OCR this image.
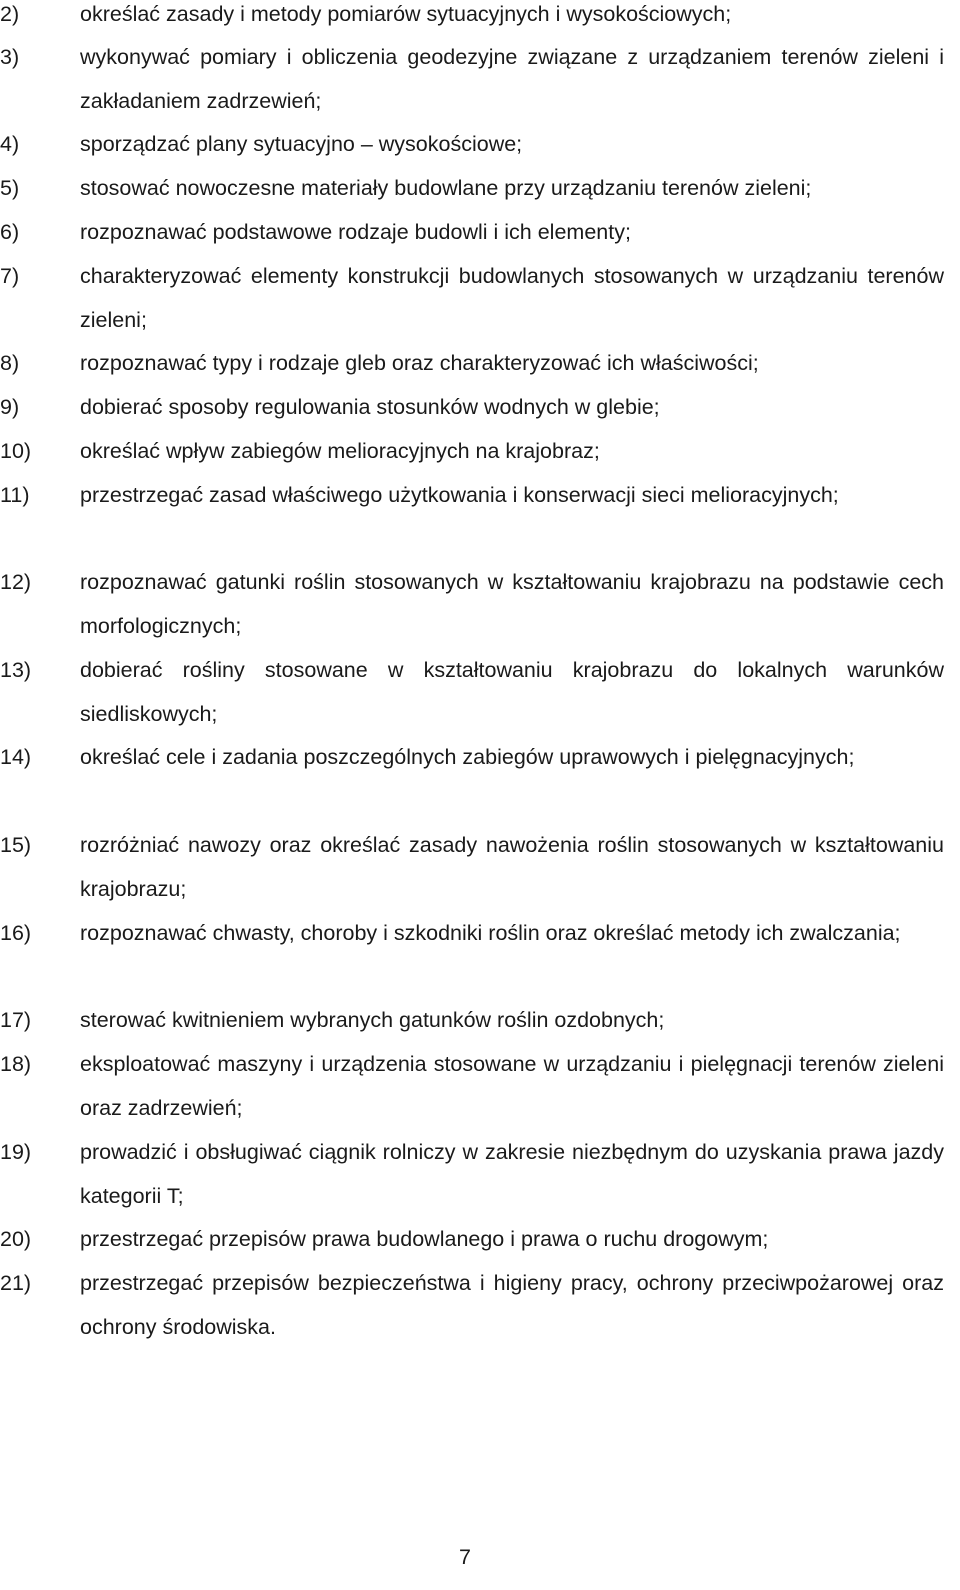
2)	określać zasady i metody pomiarów sytuacyjnych i wysokościowych;
3)	wykonywać pomiary i obliczenia geodezyjne związane z urządzaniem terenów zieleni i zakładaniem zadrzewień;
4)	sporządzać plany sytuacyjno – wysokościowe;
5)	stosować nowoczesne materiały budowlane przy urządzaniu terenów zieleni;
6)	rozpoznawać podstawowe rodzaje budowli i ich elementy;
7)	charakteryzować elementy konstrukcji budowlanych stosowanych w urządzaniu terenów zieleni;
8)	rozpoznawać typy i rodzaje gleb oraz charakteryzować ich właściwości;
9)	dobierać sposoby regulowania stosunków wodnych w glebie;
10)	określać wpływ zabiegów melioracyjnych na krajobraz;
11)	przestrzegać zasad właściwego użytkowania i konserwacji sieci melioracyjnych;
12)	rozpoznawać gatunki roślin stosowanych w kształtowaniu krajobrazu na podstawie cech morfologicznych;
13)	dobierać rośliny stosowane w kształtowaniu krajobrazu do lokalnych warunków siedliskowych;
14)	określać cele i zadania poszczególnych zabiegów uprawowych i pielęgnacyjnych;
15)	rozróżniać nawozy oraz określać zasady nawożenia roślin stosowanych w kształtowaniu krajobrazu;
16)	rozpoznawać chwasty, choroby i szkodniki roślin oraz określać metody ich zwalczania;
17)	sterować kwitnieniem wybranych gatunków roślin ozdobnych;
18)	eksploatować maszyny i urządzenia stosowane w urządzaniu i pielęgnacji terenów zieleni oraz zadrzewień;
19)	prowadzić i obsługiwać ciągnik rolniczy w zakresie niezbędnym do uzyskania prawa jazdy kategorii T;
20)	przestrzegać przepisów prawa budowlanego i prawa o ruchu drogowym;
21)	przestrzegać przepisów bezpieczeństwa i higieny pracy, ochrony przeciwpożarowej oraz ochrony środowiska.
7
